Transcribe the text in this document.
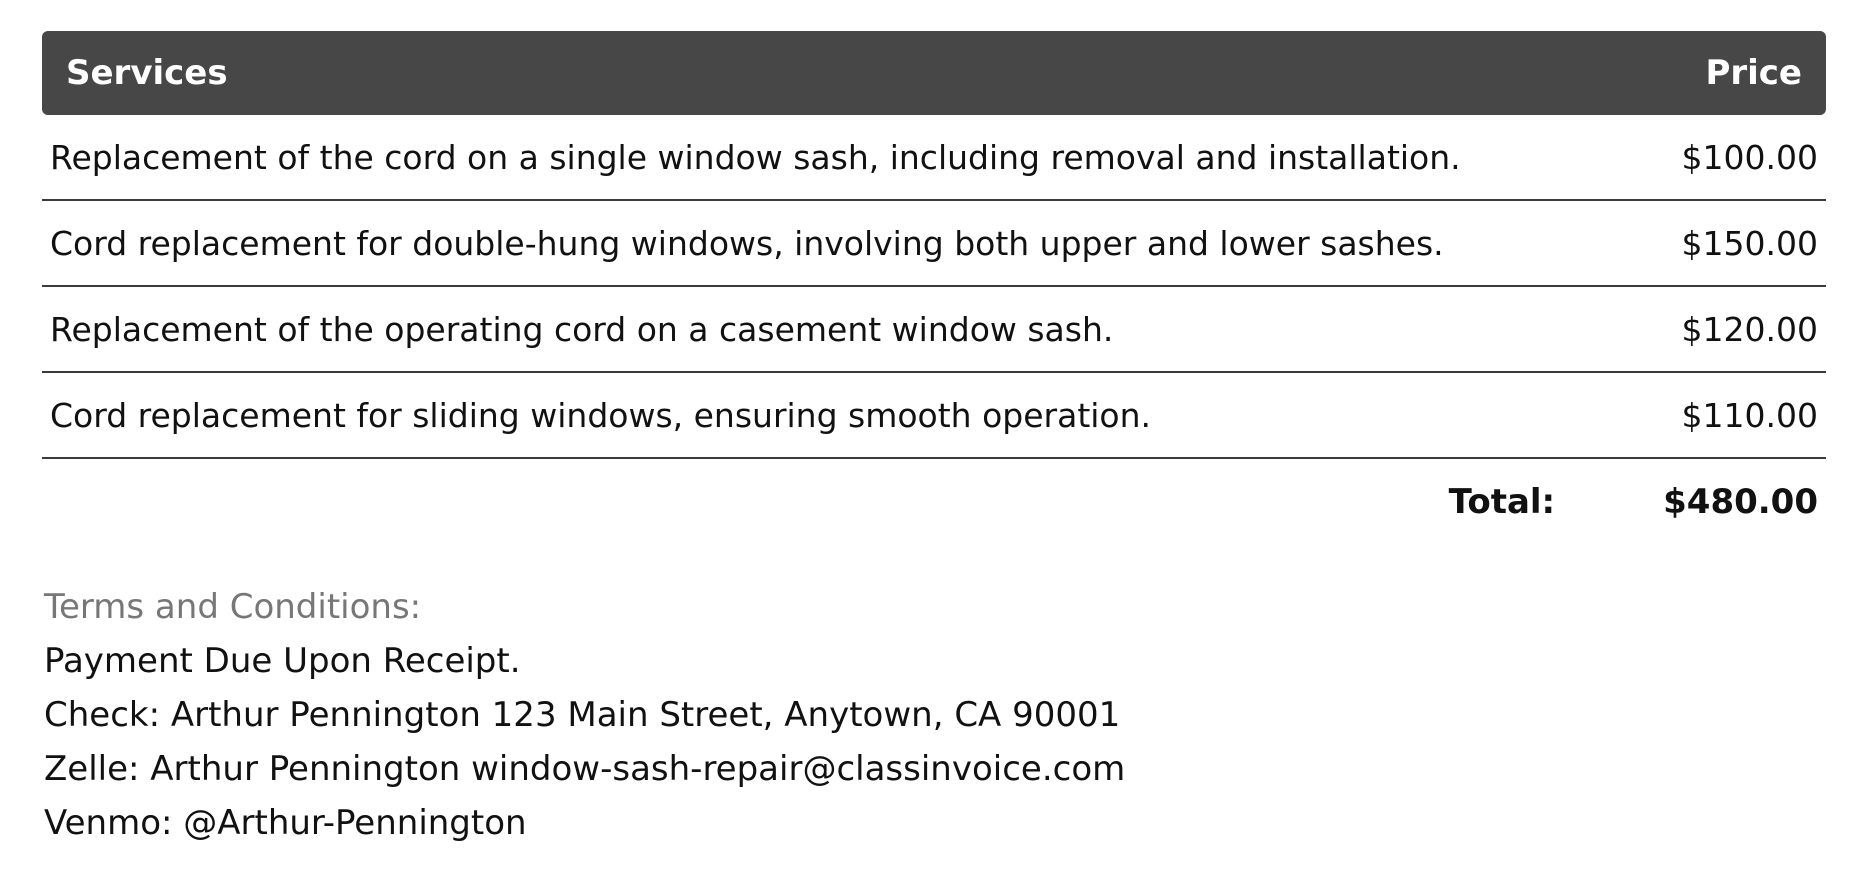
Services	Price
Replacement of the cord on a single window sash, including removal and installation.	$100.00
Cord replacement for double-hung windows, involving both upper and lower sashes.	$150.00
Replacement of the operating cord on a casement window sash.	$120.00
Cord replacement for sliding windows, ensuring smooth operation.	$110.00
Total:	$480.00
Terms and Conditions:
Payment Due Upon Receipt.
Check: Arthur Pennington 123 Main Street, Anytown, CA 90001
Zelle: Arthur Pennington window-sash-repair@classinvoice.com
Venmo: @Arthur-Pennington
